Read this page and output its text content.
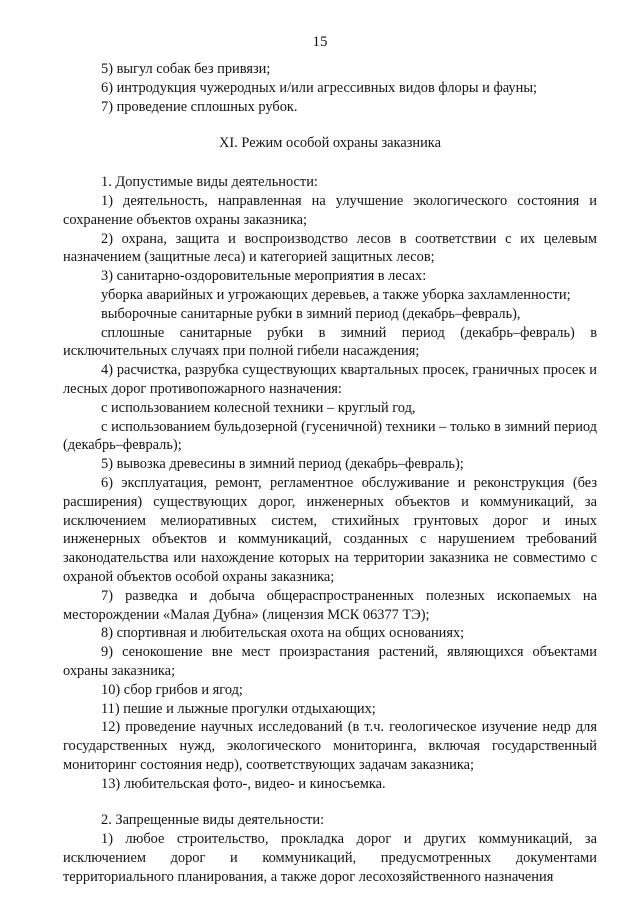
15

5) выгул собак без привязи;

6) интродукция чужеродных и/или агрессивных видов флоры и фауны;

7) проведение сплошных рубок.

XI. Режим особой охраны заказника

1. Допустимые виды деятельности:

1) деятельность, направленная на улучшение экологического состояния и сохранение объектов охраны заказника;

2) охрана, защита и воспроизводство лесов в соответствии с их целевым назначением (защитные леса) и категорией защитных лесов;

3) санитарно-оздоровительные мероприятия в лесах:

уборка аварийных и угрожающих деревьев, а также уборка захламленности;

выборочные санитарные рубки в зимний период (декабрь–февраль),

сплошные санитарные рубки в зимний период (декабрь–февраль) в исключительных случаях при полной гибели насаждения;

4) расчистка, разрубка существующих квартальных просек, граничных просек и лесных дорог противопожарного назначения:

с использованием колесной техники – круглый год,

с использованием бульдозерной (гусеничной) техники – только в зимний период (декабрь–февраль);

5) вывозка древесины в зимний период (декабрь–февраль);

6) эксплуатация, ремонт, регламентное обслуживание и реконструкция (без расширения) существующих дорог, инженерных объектов и коммуникаций, за исключением мелиоративных систем, стихийных грунтовых дорог и иных инженерных объектов и коммуникаций, созданных с нарушением требований законодательства или нахождение которых на территории заказника не совместимо с охраной объектов особой охраны заказника;

7) разведка и добыча общераспространенных полезных ископаемых на месторождении «Малая Дубна» (лицензия МСК 06377 ТЭ);

8) спортивная и любительская охота на общих основаниях;

9) сенокошение вне мест произрастания растений, являющихся объектами охраны заказника;

10) сбор грибов и ягод;

11) пешие и лыжные прогулки отдыхающих;

12) проведение научных исследований (в т.ч. геологическое изучение недр для государственных нужд, экологического мониторинга, включая государственный мониторинг состояния недр), соответствующих задачам заказника;

13) любительская фото-, видео- и киносъемка.

2. Запрещенные виды деятельности:

1) любое строительство, прокладка дорог и других коммуникаций, за исключением дорог и коммуникаций, предусмотренных документами территориального планирования, а также дорог лесохозяйственного назначения
